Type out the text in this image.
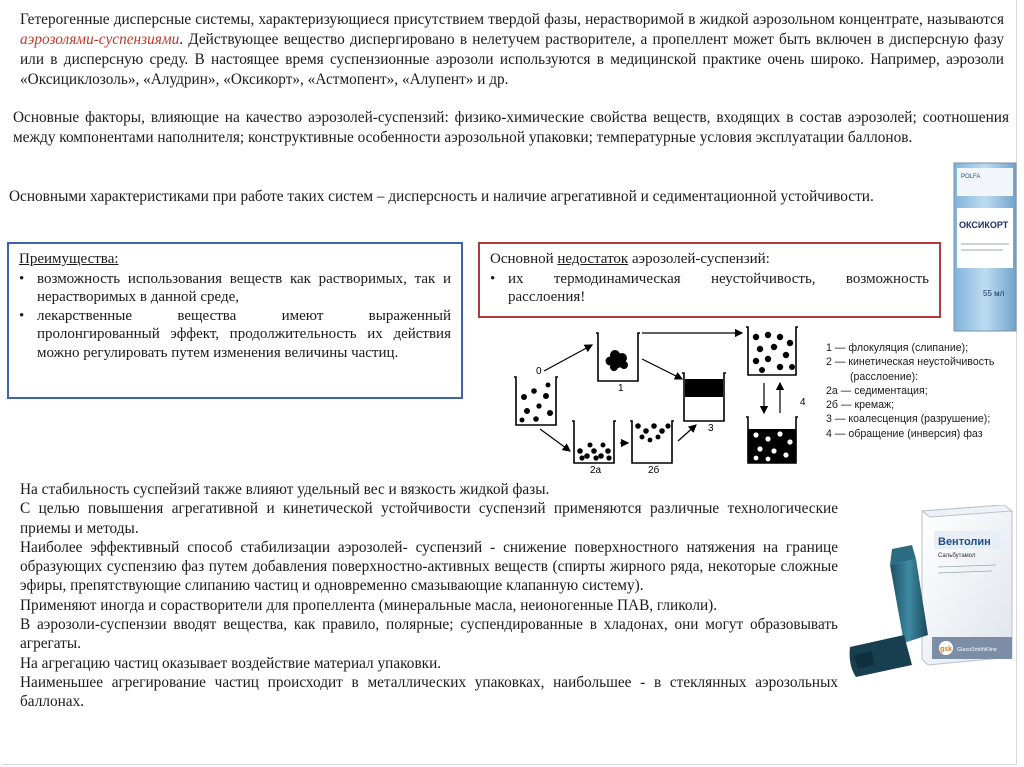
Гетерогенные дисперсные системы, характеризующиеся присутствием твердой фазы, нерастворимой в жидкой аэрозольном концентрате, называются аэрозолями-суспензиями. Действующее вещество диспергировано в нелетучем растворителе, а пропеллент может быть включен в дисперсную фазу или в дисперсную среду. В настоящее время суспензионные аэрозоли используются в медицинской практике очень широко. Например, аэрозоли «Оксициклозоль», «Алудрин», «Оксикорт», «Астмопент», «Алупент» и др.

Основные факторы, влияющие на качество аэрозолей-суспензий: физико-химические свойства веществ, входящих в состав аэрозолей; соотношения между компонентами наполнителя; конструктивные особенности аэрозольной упаковки; температурные условия эксплуатации баллонов.

Основными характеристиками при работе таких систем – дисперсность и наличие агрегативной и седиментационной устойчивости.

Преимущества:

• возможность использования веществ как растворимых, так и нерастворимых в данной среде,
• лекарственные вещества имеют выраженный пролонгированный эффект, продолжительность их действия можно регулировать путем изменения величины частиц.

Основной недостаток аэрозолей-суспензий:

• их термодинамическая неустойчивость, возможность расслоения!
POLFA
ОКСИКОРТ
55 мл
0
1
2а	2б
3
4
1 — флокуляция (слипание);
2 — кинетическая неустойчивость
(расслоение):
2а — седиментация;
2б — кремаж;
3 — коалесценция (разрушение);
4 — обращение (инверсия) фаз

На стабильность суспейзий также влияют удельный вес и вязкость жидкой фазы.

С целью повышения агрегативной и кинетической устойчивости суспензий применяются различные технологические приемы и методы.

Наиболее эффективный способ стабилизации аэрозолей- суспензий - снижение поверхностного натяжения на границе образующих суспензию фаз путем добавления поверхностно-активных веществ (спирты жирного ряда, некоторые сложные эфиры, препятствующие слипанию частиц и одновременно смазывающие клапанную систему).

Применяют иногда и сорастворители для пропеллента (минеральные масла, неионогенные ПАВ, гликоли).

В аэрозоли-суспензии вводят вещества, как правило, полярные; суспендированные в хладонах, они могут образовывать агрегаты.

На агрегацию частиц оказывает воздействие материал упаковки.

Наименьшее агрегирование частиц происходит в металлических упаковках, наибольшее - в стеклянных аэрозольных баллонах.

Вентолин
Сальбутамол
gsk GlaxoSmithKline
